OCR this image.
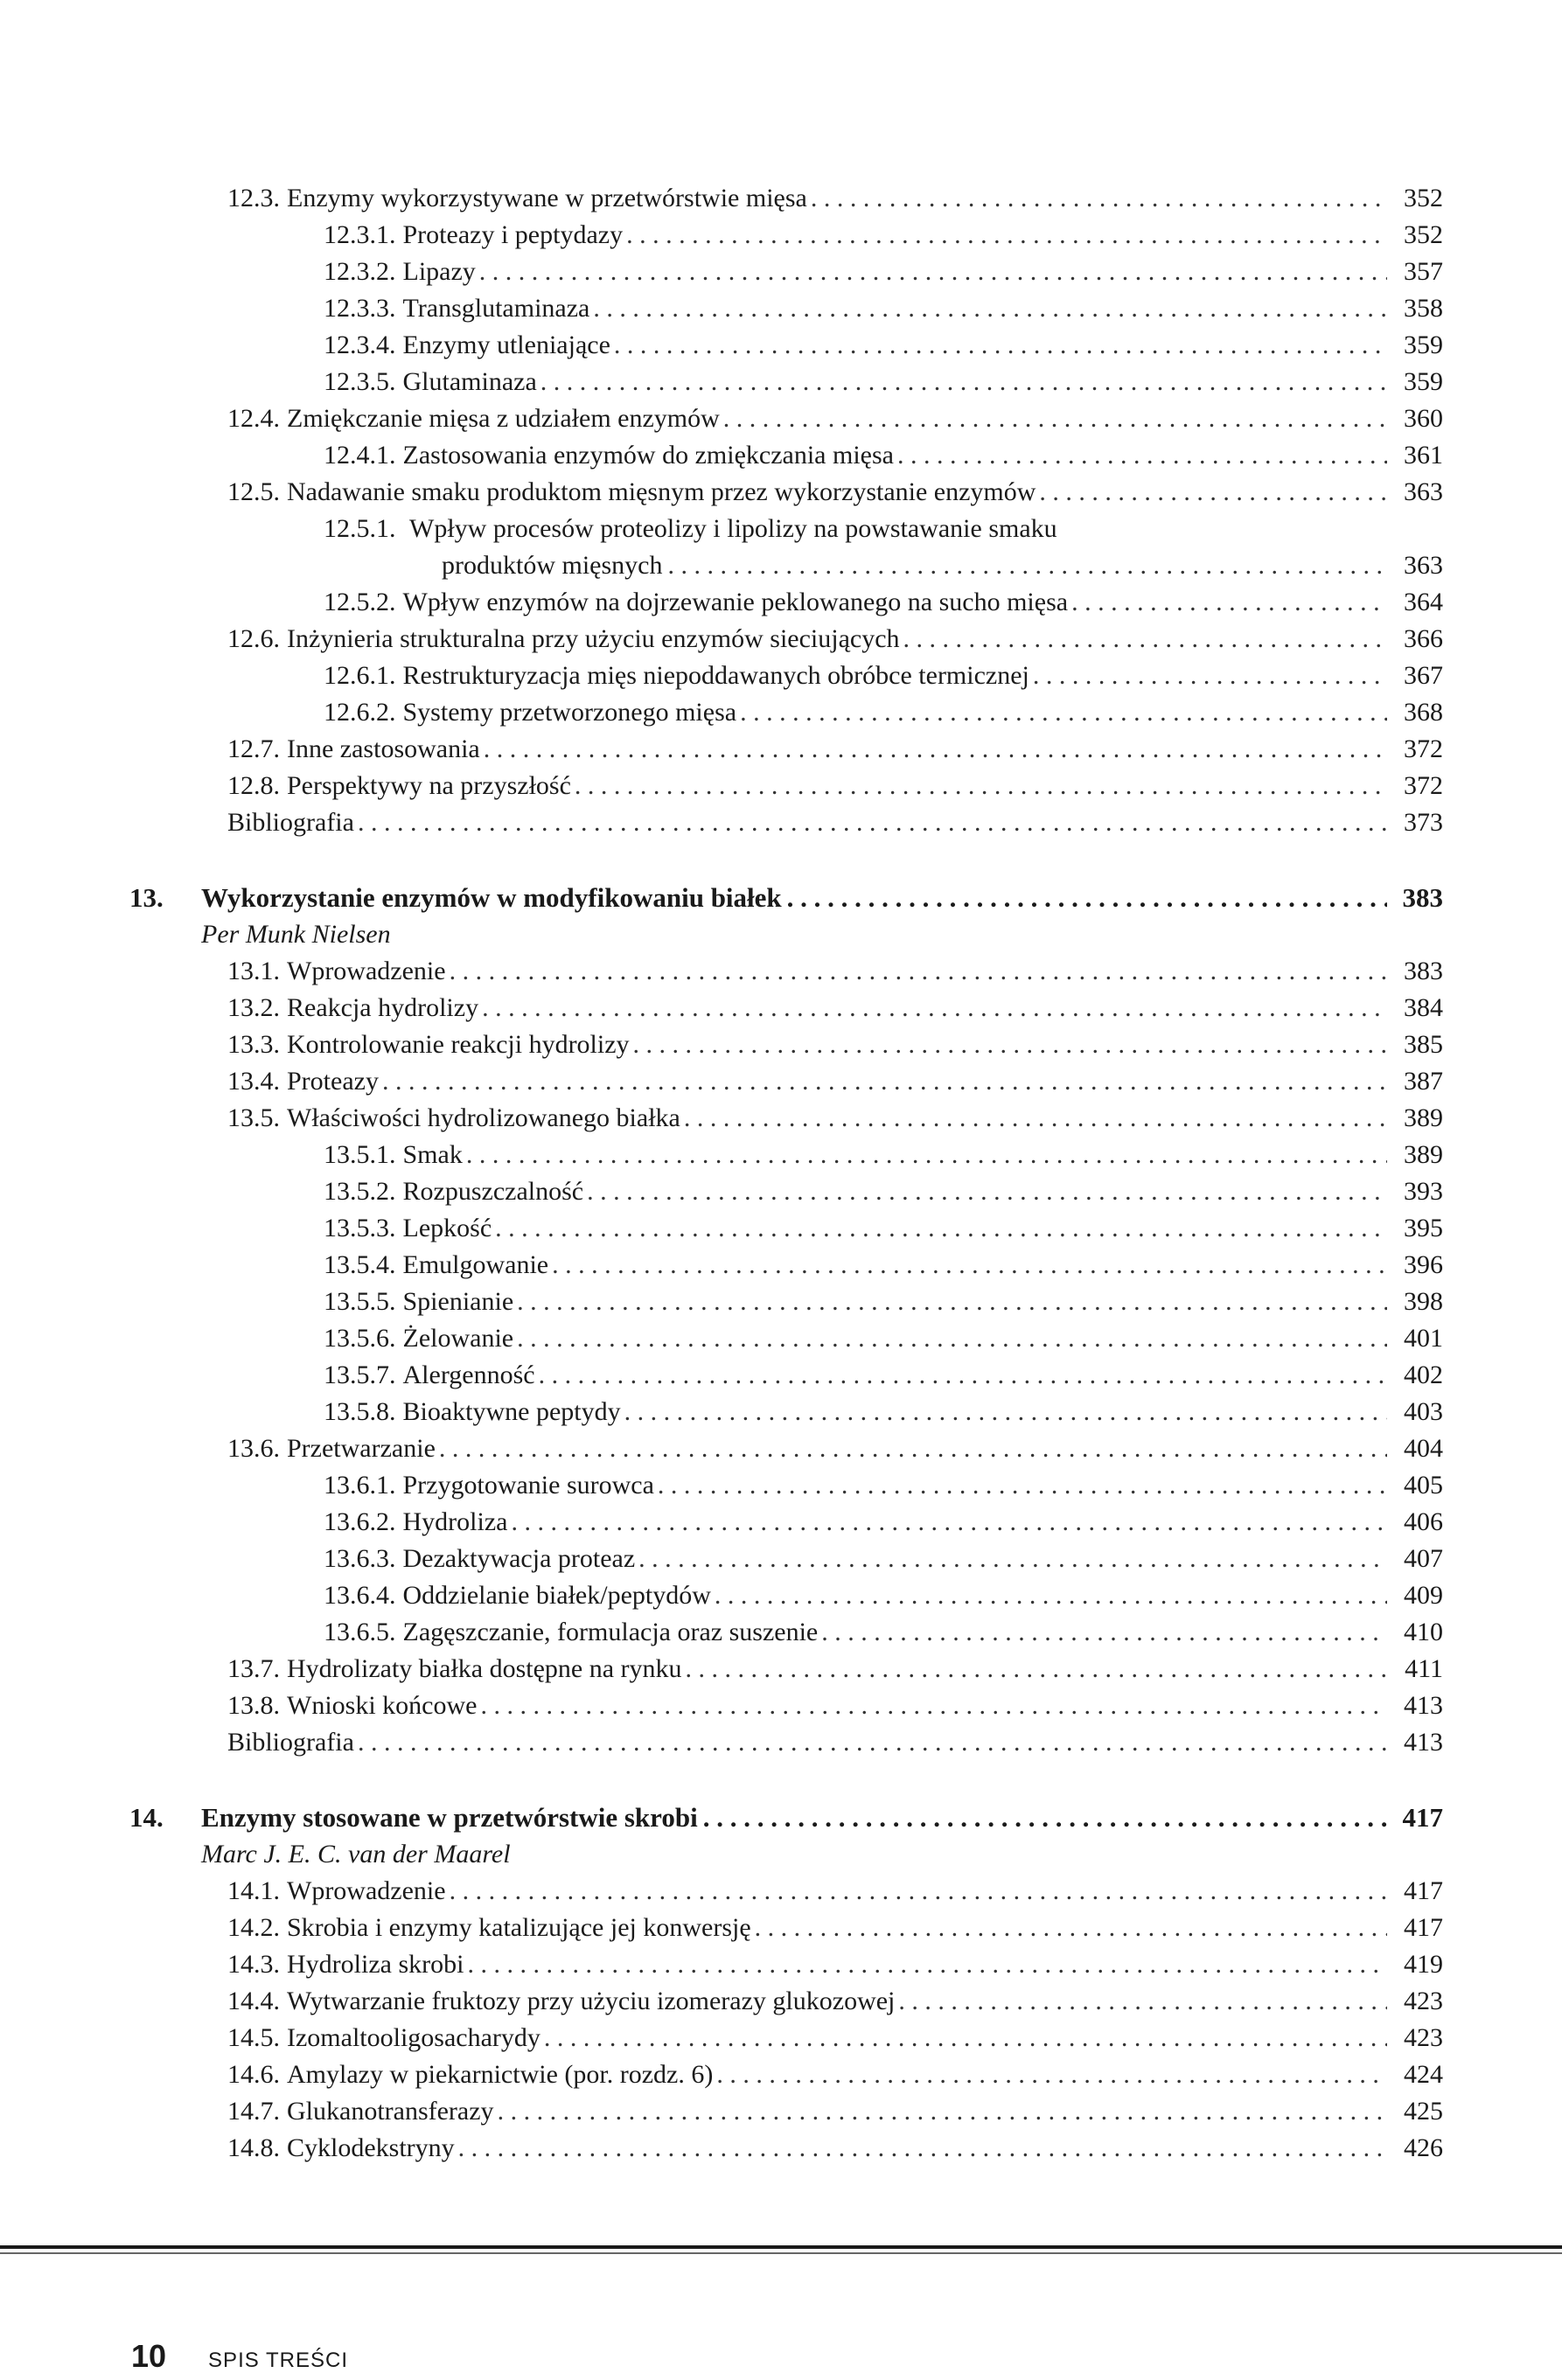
12.3. Enzymy wykorzystywane w przetwórstwie mięsa . . .	352
12.3.1. Proteazy i peptydazy . . .	352
12.3.2. Lipazy . . .	357
12.3.3. Transglutaminaza . . .	358
12.3.4. Enzymy utleniające . . .	359
12.3.5. Glutaminaza . . .	359
12.4. Zmiękczanie mięsa z udziałem enzymów . . .	360
12.4.1. Zastosowania enzymów do zmiękczania mięsa . . .	361
12.5. Nadawanie smaku produktom mięsnym przez wykorzystanie enzymów . . .	363
12.5.1. Wpływ procesów proteolizy i lipolizy na powstawanie smaku
produktów mięsnych . . .	363
12.5.2. Wpływ enzymów na dojrzewanie peklowanego na sucho mięsa . . .	364
12.6. Inżynieria strukturalna przy użyciu enzymów sieciujących . . .	366
12.6.1. Restrukturyzacja mięs niepoddawanych obróbce termicznej . . .	367
12.6.2. Systemy przetworzonego mięsa . . .	368
12.7. Inne zastosowania . . .	372
12.8. Perspektywy na przyszłość . . .	372
Bibliografia . . .	373
13.	Wykorzystanie enzymów w modyfikowaniu białek . . .	383
Per Munk Nielsen
13.1. Wprowadzenie . . .	383
13.2. Reakcja hydrolizy . . .	384
13.3. Kontrolowanie reakcji hydrolizy . . .	385
13.4. Proteazy . . .	387
13.5. Właściwości hydrolizowanego białka . . .	389
13.5.1. Smak . . .	389
13.5.2. Rozpuszczalność . . .	393
13.5.3. Lepkość . . .	395
13.5.4. Emulgowanie . . .	396
13.5.5. Spienianie . . .	398
13.5.6. Żelowanie . . .	401
13.5.7. Alergenność . . .	402
13.5.8. Bioaktywne peptydy . . .	403
13.6. Przetwarzanie . . .	404
13.6.1. Przygotowanie surowca . . .	405
13.6.2. Hydroliza . . .	406
13.6.3. Dezaktywacja proteaz . . .	407
13.6.4. Oddzielanie białek/peptydów . . .	409
13.6.5. Zagęszczanie, formulacja oraz suszenie . . .	410
13.7. Hydrolizaty białka dostępne na rynku . . .	411
13.8. Wnioski końcowe . . .	413
Bibliografia . . .	413
14.	Enzymy stosowane w przetwórstwie skrobi . . .	417
Marc J. E. C. van der Maarel
14.1. Wprowadzenie . . .	417
14.2. Skrobia i enzymy katalizujące jej konwersję . . .	417
14.3. Hydroliza skrobi . . .	419
14.4. Wytwarzanie fruktozy przy użyciu izomerazy glukozowej . . .	423
14.5. Izomaltooligosacharydy . . .	423
14.6. Amylazy w piekarnictwie (por. rozdz. 6) . . .	424
14.7. Glukanotransferazy . . .	425
14.8. Cyklodekstryny . . .	426
10 SPIS TREŚCI
